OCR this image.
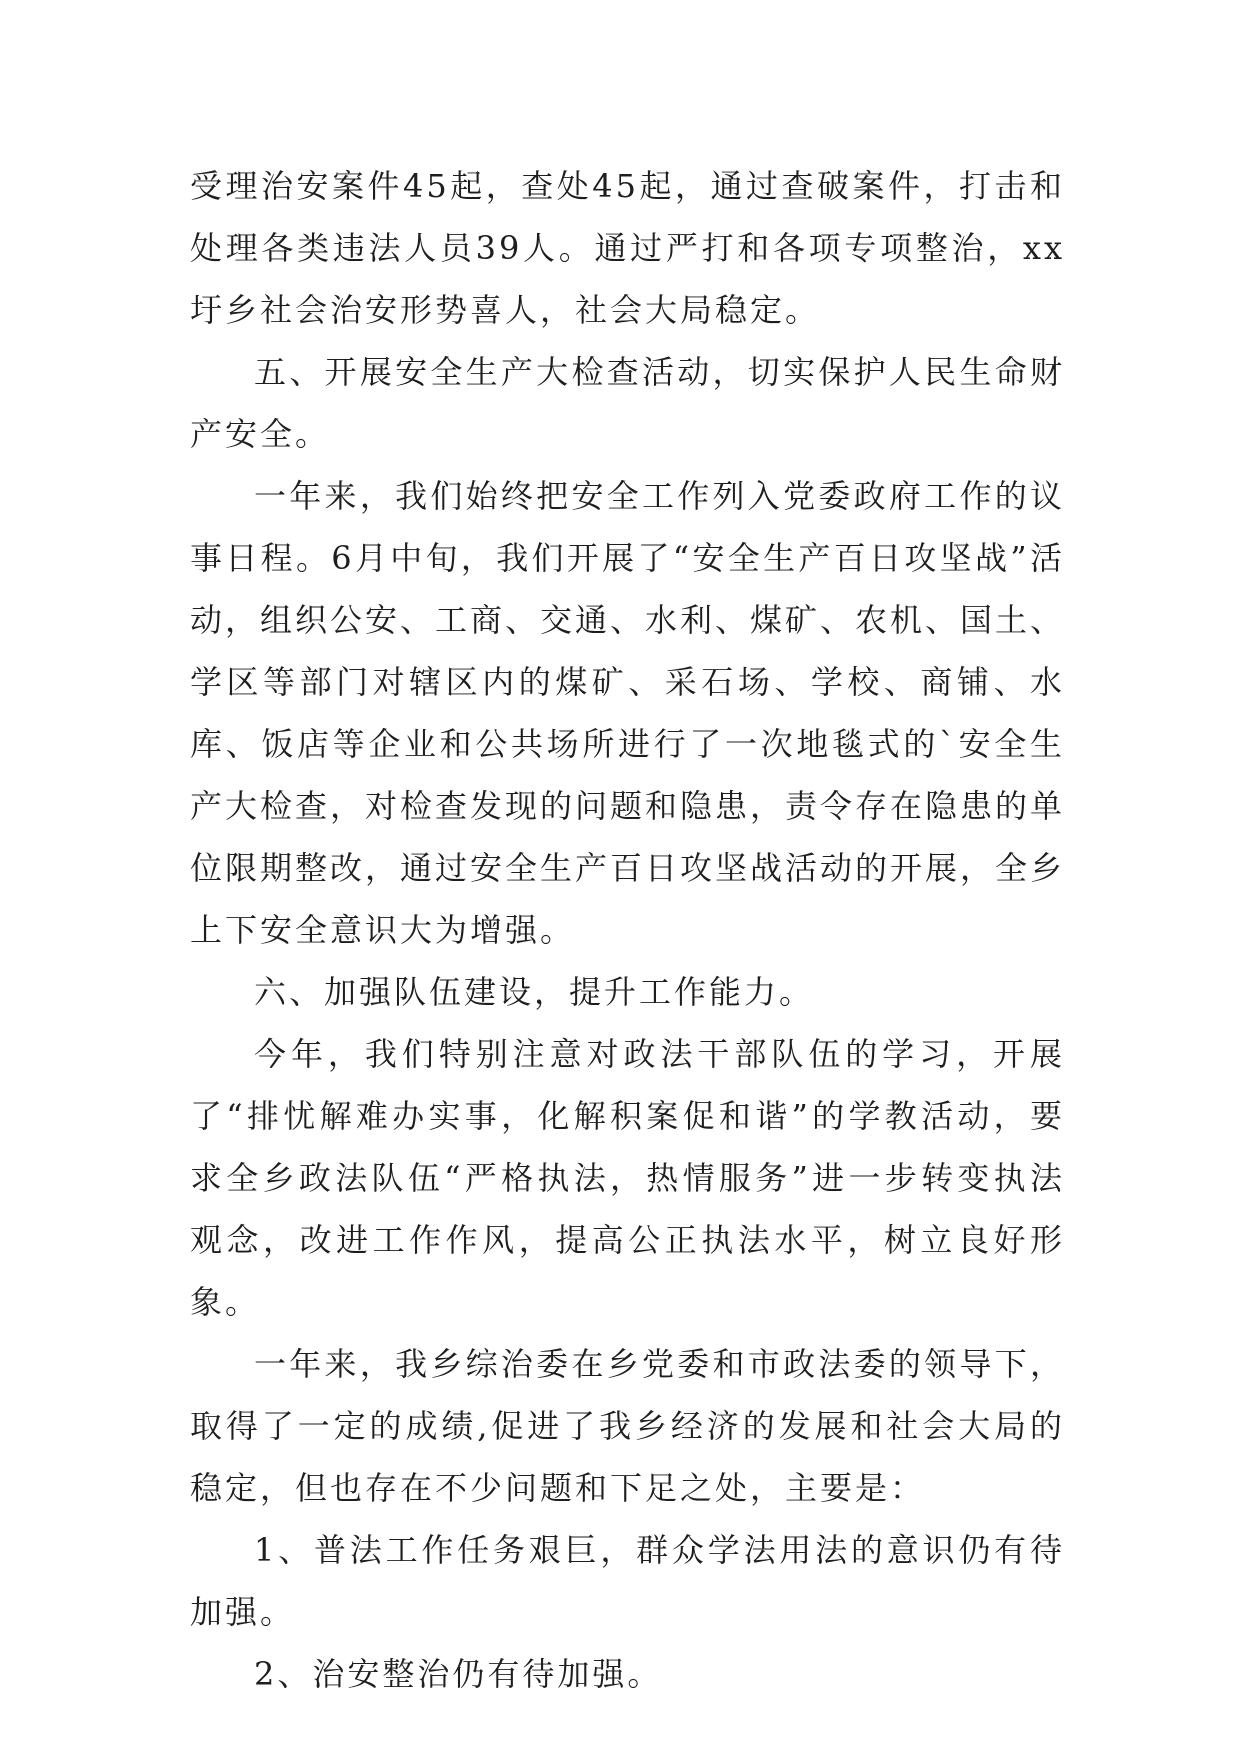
受理治安案件45起，查处45起，通过查破案件，打击和处理各类违法人员39人。通过严打和各项专项整治，xx圩乡社会治安形势喜人，社会大局稳定。

五、开展安全生产大检查活动，切实保护人民生命财产安全。

一年来，我们始终把安全工作列入党委政府工作的议事日程。6月中旬，我们开展了“安全生产百日攻坚战”活动，组织公安、工商、交通、水利、煤矿、农机、国土、学区等部门对辖区内的煤矿、采石场、学校、商铺、水库、饭店等企业和公共场所进行了一次地毯式的`安全生产大检查，对检查发现的问题和隐患，责令存在隐患的单位限期整改，通过安全生产百日攻坚战活动的开展，全乡上下安全意识大为增强。

六、加强队伍建设，提升工作能力。

今年，我们特别注意对政法干部队伍的学习，开展了“排忧解难办实事，化解积案促和谐”的学教活动，要求全乡政法队伍“严格执法，热情服务”进一步转变执法观念，改进工作作风，提高公正执法水平，树立良好形象。

一年来，我乡综治委在乡党委和市政法委的领导下，取得了一定的成绩,促进了我乡经济的发展和社会大局的稳定，但也存在不少问题和下足之处，主要是：

1、普法工作任务艰巨，群众学法用法的意识仍有待加强。

2、治安整治仍有待加强。
